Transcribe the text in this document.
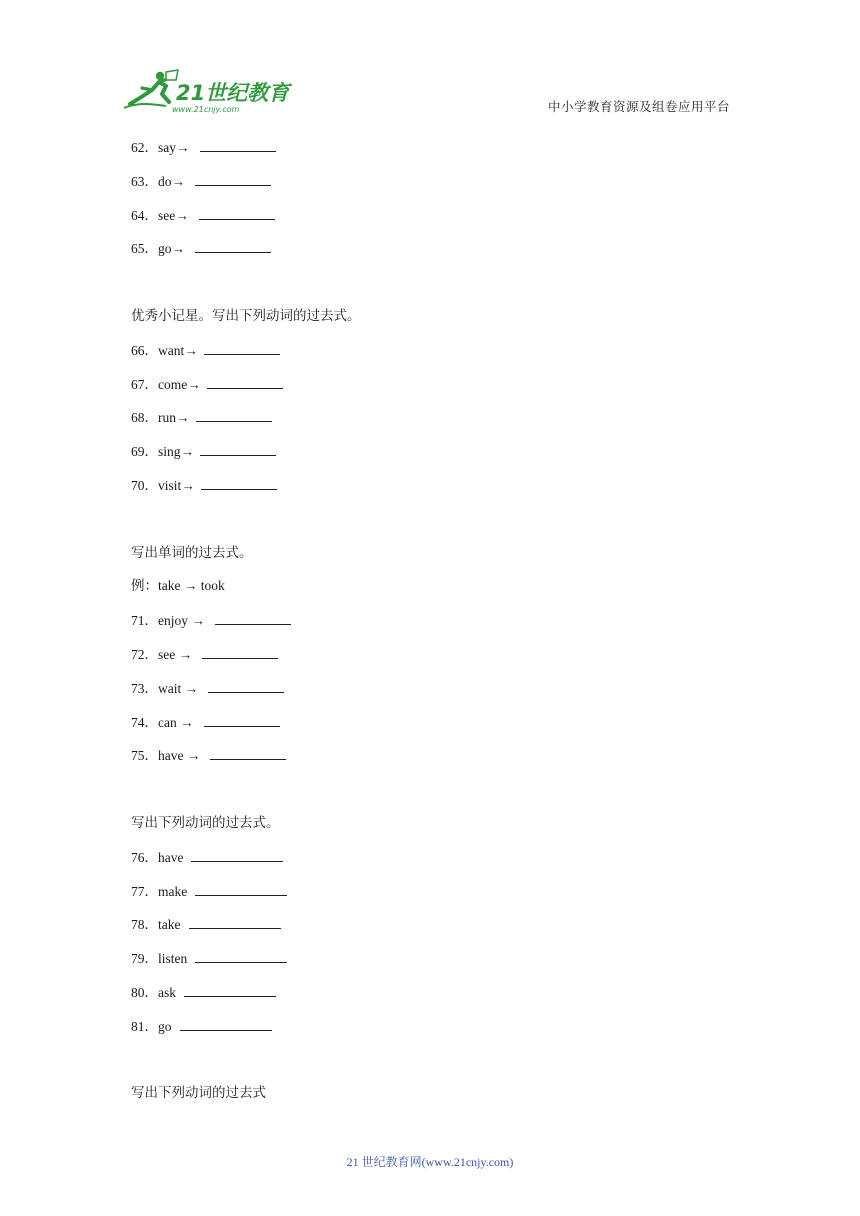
21世纪教育
www.21cnjy.com	中小学教育资源及组卷应用平台
62．say→
63．do→
64．see→
65．go→
优秀小记星。写出下列动词的过去式。
66．want→
67．come→
68．run→
69．sing→
70．visit→
写出单词的过去式。
例：take → took
71．enjoy →
72．see →
73．wait →
74．can →
75．have →
写出下列动词的过去式。
76．have
77．make
78．take
79．listen
80．ask
81．go
写出下列动词的过去式
21 世纪教育网(www.21cnjy.com)
